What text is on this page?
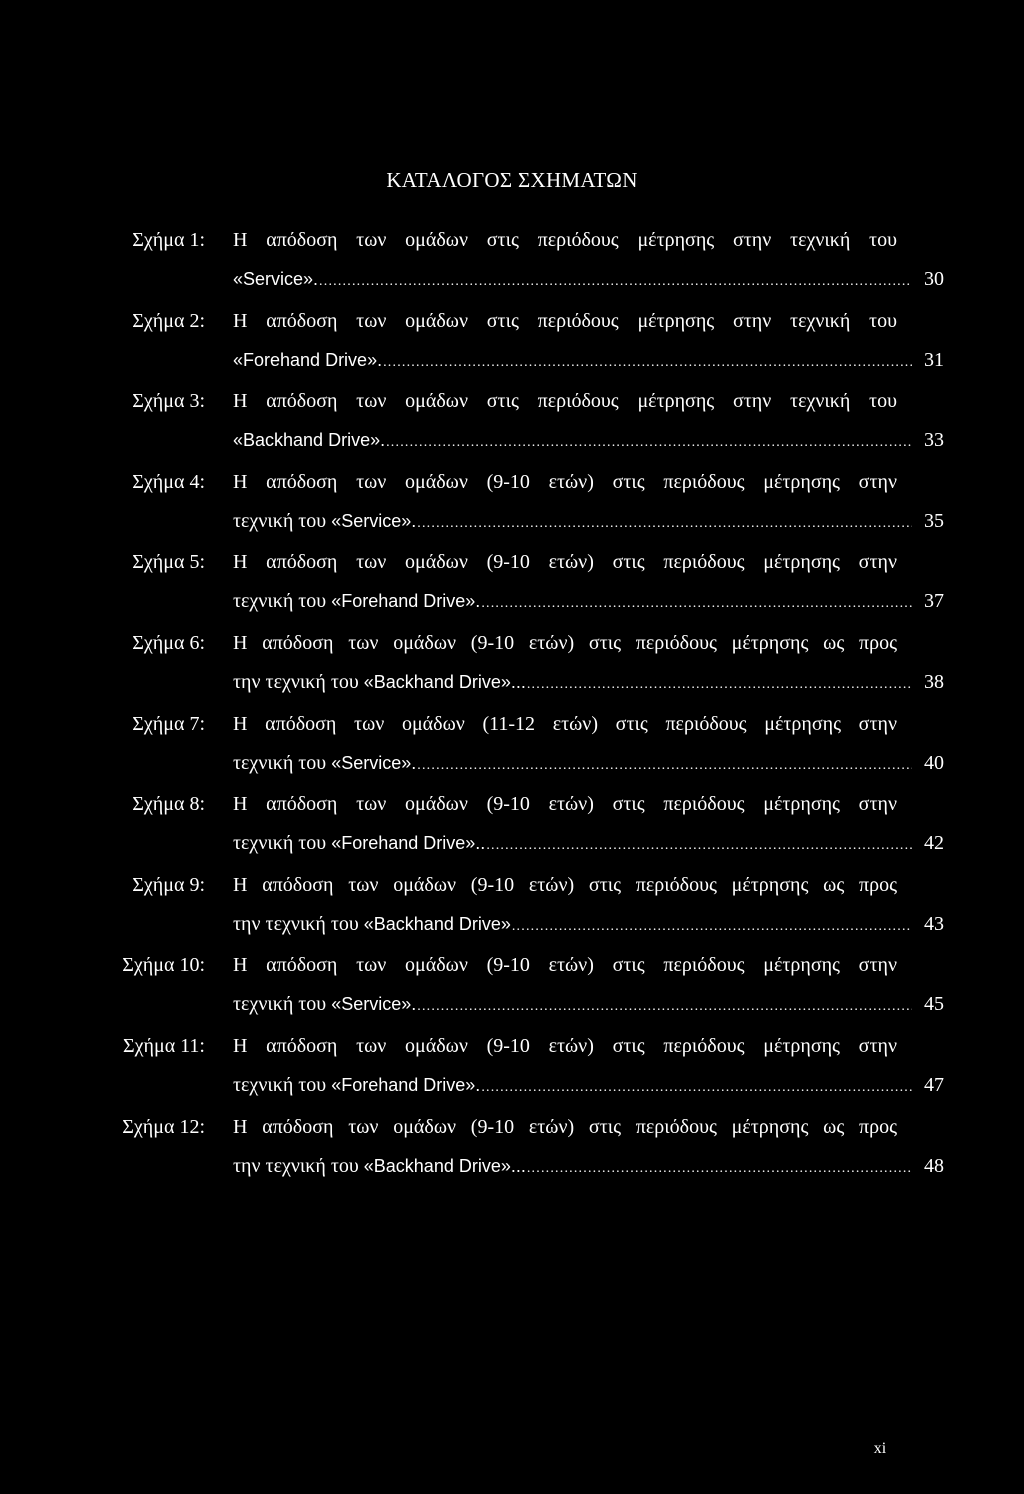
ΚΑΤΑΛΟΓΟΣ ΣΧΗΜΑΤΩΝ
Σχήμα 1: Η απόδοση των ομάδων στις περιόδους μέτρησης στην τεχνική του
«Service». .....	30
Σχήμα 2: Η απόδοση των ομάδων στις περιόδους μέτρησης στην τεχνική του
«Forehand Drive». .....	31
Σχήμα 3: Η απόδοση των ομάδων στις περιόδους μέτρησης στην τεχνική του
«Backhand Drive». .....	33
Σχήμα 4: Η απόδοση των ομάδων (9-10 ετών) στις περιόδους μέτρησης στην
τεχνική του «Service». .....	35
Σχήμα 5: Η απόδοση των ομάδων (9-10 ετών) στις περιόδους μέτρησης στην
τεχνική του «Forehand Drive». .....	37
Σχήμα 6: Η απόδοση των ομάδων (9-10 ετών) στις περιόδους μέτρησης ως προς
την τεχνική του «Backhand Drive»... .....	38
Σχήμα 7: Η απόδοση των ομάδων (11-12 ετών) στις περιόδους μέτρησης στην
τεχνική του «Service». .....	40
Σχήμα 8: Η απόδοση των ομάδων (9-10 ετών) στις περιόδους μέτρησης στην
τεχνική του «Forehand Drive».. .....	42
Σχήμα 9: Η απόδοση των ομάδων (9-10 ετών) στις περιόδους μέτρησης ως προς
την τεχνική του «Backhand Drive» .....	43
Σχήμα 10: Η απόδοση των ομάδων (9-10 ετών) στις περιόδους μέτρησης στην
τεχνική του «Service». .....	45
Σχήμα 11: Η απόδοση των ομάδων (9-10 ετών) στις περιόδους μέτρησης στην
τεχνική του «Forehand Drive». .....	47
Σχήμα 12: Η απόδοση των ομάδων (9-10 ετών) στις περιόδους μέτρησης ως προς
την τεχνική του «Backhand Drive»... .....	48
xi
